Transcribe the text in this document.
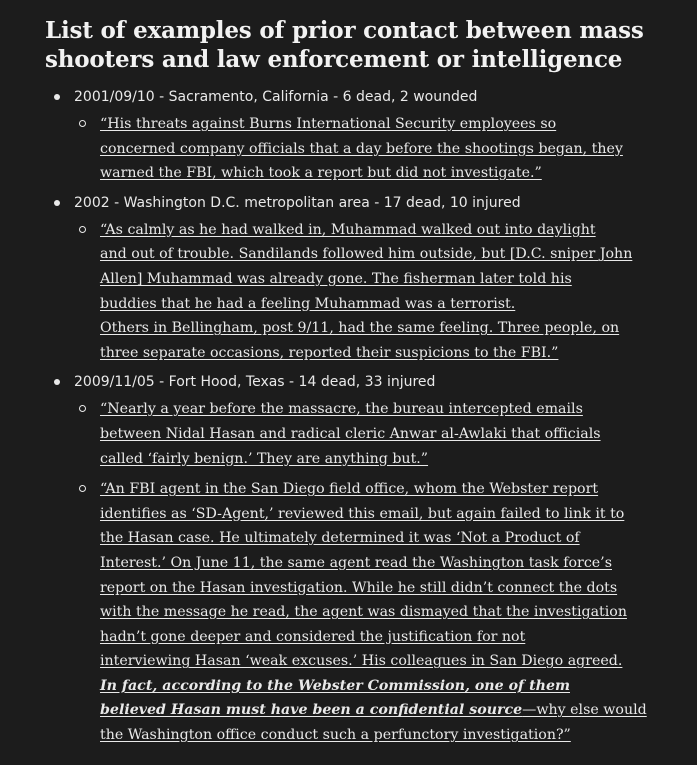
List of examples of prior contact between mass shooters and law enforcement or intelligence
2001/09/10 - Sacramento, California - 6 dead, 2 wounded
“His threats against Burns International Security employees so
concerned company officials that a day before the shootings began, they
warned the FBI, which took a report but did not investigate.”
2002 - Washington D.C. metropolitan area - 17 dead, 10 injured
“As calmly as he had walked in, Muhammad walked out into daylight
and out of trouble. Sandilands followed him outside, but [D.C. sniper John
Allen] Muhammad was already gone. The fisherman later told his
buddies that he had a feeling Muhammad was a terrorist.
Others in Bellingham, post 9/11, had the same feeling. Three people, on
three separate occasions, reported their suspicions to the FBI.”
2009/11/05 - Fort Hood, Texas - 14 dead, 33 injured
“Nearly a year before the massacre, the bureau intercepted emails
between Nidal Hasan and radical cleric Anwar al-Awlaki that officials
called ‘fairly benign.’ They are anything but.”
“An FBI agent in the San Diego field office, whom the Webster report
identifies as ‘SD-Agent,’ reviewed this email, but again failed to link it to
the Hasan case. He ultimately determined it was ‘Not a Product of
Interest.’ On June 11, the same agent read the Washington task force’s
report on the Hasan investigation. While he still didn’t connect the dots
with the message he read, the agent was dismayed that the investigation
hadn’t gone deeper and considered the justification for not
interviewing Hasan ‘weak excuses.’ His colleagues in San Diego agreed.
In fact, according to the Webster Commission, one of them
believed Hasan must have been a confidential source—why else would
the Washington office conduct such a perfunctory investigation?”
